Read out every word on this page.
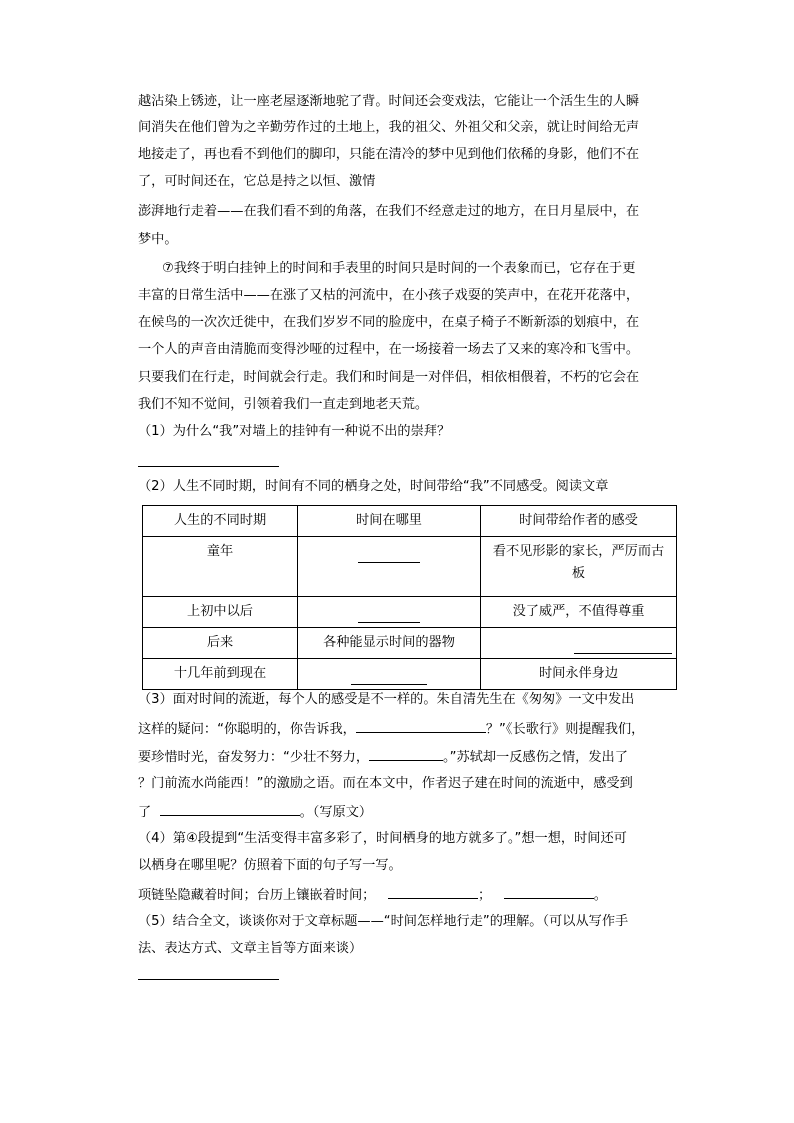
越沾染上锈迹，让一座老屋逐渐地驼了背。时间还会变戏法，它能让一个活生生的人瞬
间消失在他们曾为之辛勤劳作过的土地上，我的祖父、外祖父和父亲，就让时间给无声
地接走了，再也看不到他们的脚印，只能在清冷的梦中见到他们依稀的身影，他们不在
了，可时间还在，它总是持之以恒、激情
澎湃地行走着——在我们看不到的角落，在我们不经意走过的地方，在日月星辰中，在
梦中。
⑦我终于明白挂钟上的时间和手表里的时间只是时间的一个表象而已，它存在于更
丰富的日常生活中——在涨了又枯的河流中，在小孩子戏耍的笑声中，在花开花落中，
在候鸟的一次次迁徙中，在我们岁岁不同的脸庞中，在桌子椅子不断新添的划痕中，在
一个人的声音由清脆而变得沙哑的过程中，在一场接着一场去了又来的寒冷和飞雪中。
只要我们在行走，时间就会行走。我们和时间是一对伴侣，相依相偎着，不朽的它会在
我们不知不觉间，引领着我们一直走到地老天荒。
（1）为什么“我”对墙上的挂钟有一种说不出的崇拜？
（2）人生不同时期，时间有不同的栖身之处，时间带给“我”不同感受。阅读文章
人生的不同时期	时间在哪里	时间带给作者的感受
童年		看不见形影的家长，严厉而古
板

上初中以后		没了威严，不值得尊重
后来	各种能显示时间的器物	
十几年前到现在		时间永伴身边
（3）面对时间的流逝，每个人的感受是不一样的。朱自清先生在《匆匆》一文中发出
这样的疑问：“你聪明的，你告诉我，	？”《长歌行》则提醒我们，
要珍惜时光，奋发努力：“少壮不努力，	。”苏轼却一反感伤之情，发出了
？门前流水尚能西！”的激励之语。而在本文中，作者迟子建在时间的流逝中，感受到
了	。（写原文）
（4）第④段提到“生活变得丰富多彩了，时间栖身的地方就多了。”想一想，时间还可
以栖身在哪里呢？仿照着下面的句子写一写。
项链坠隐藏着时间；台历上镶嵌着时间；	；	。
（5）结合全文，谈谈你对于文章标题——“时间怎样地行走”的理解。（可以从写作手
法、表达方式、文章主旨等方面来谈）
